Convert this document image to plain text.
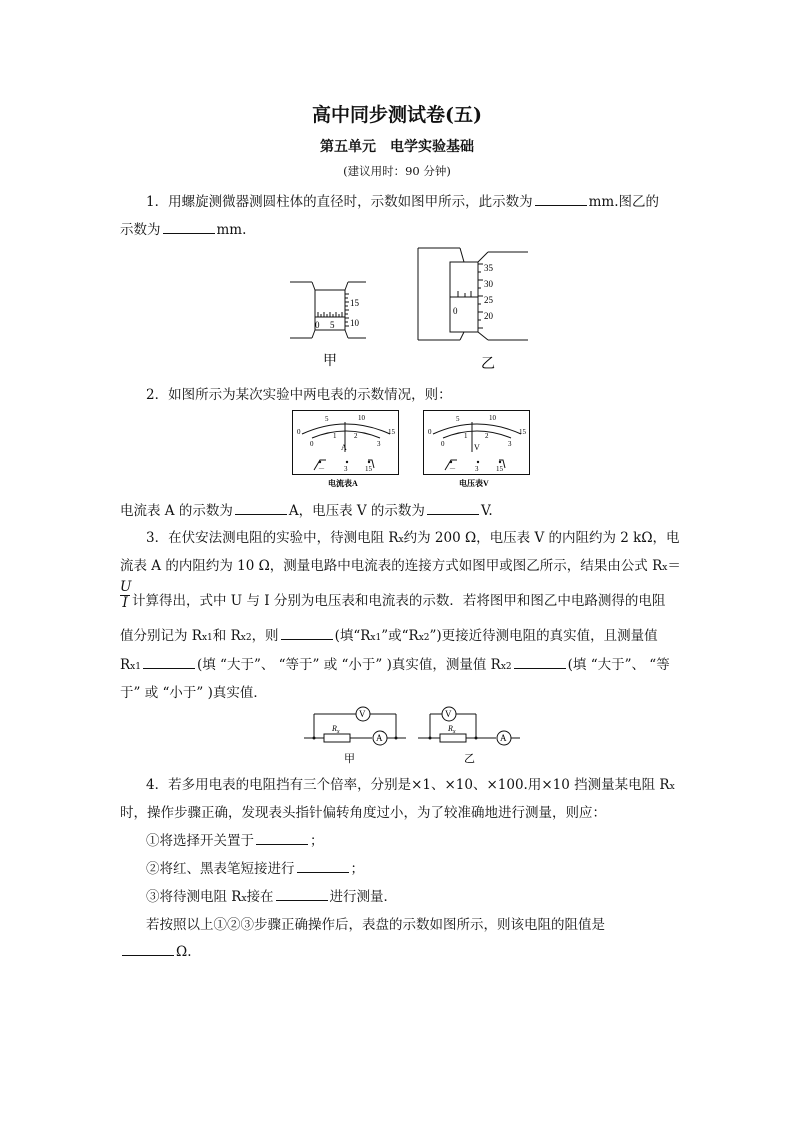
高中同步测试卷(五)
第五单元　电学实验基础
(建议用时：90 分钟)
1．用螺旋测微器测圆柱体的直径时，示数如图甲所示，此示数为	mm.图乙的
示数为	mm.
15
10
0 5
甲
35
30
25
20
0
乙
2．如图所示为某次实验中两电表的示数情况，则：
0
5	10
15
0
1	2
3
A
－	3	15
电流表A
0
5	10
15
0
1	2
3
V
－	3	15
电压表V
电流表 A 的示数为	A，电压表 V 的示数为	V.
3．在伏安法测电阻的实验中，待测电阻 Rx约为 200 Ω，电压表 V 的内阻约为 2 kΩ，电
流表 A 的内阻约为 10 Ω，测量电路中电流表的连接方式如图甲或图乙所示，结果由公式 Rx＝
$\frac{U}{I}$ 计算得出，式中 U 与 I 分别为电压表和电流表的示数．若将图甲和图乙中电路测得的电阻
值分别记为 Rx1和 Rx2，则	(填“Rx1”或“Rx2”)更接近待测电阻的真实值，且测量值
Rx1	(填 “大于”、 “等于” 或 “小于” )真实值，测量值 Rx2	(填 “大于”、 “等
于” 或 “小于” )真实值．
V
A
$R_x$
甲
V
A
$R_x$
乙
4．若多用电表的电阻挡有三个倍率，分别是×1、×10、×100.用×10 挡测量某电阻 Rx
时，操作步骤正确，发现表头指针偏转角度过小，为了较准确地进行测量，则应：
①将选择开关置于	；
②将红、黑表笔短接进行	；
③将待测电阻 Rx接在	进行测量．
若按照以上①②③步骤正确操作后，表盘的示数如图所示，则该电阻的阻值是
Ω.
